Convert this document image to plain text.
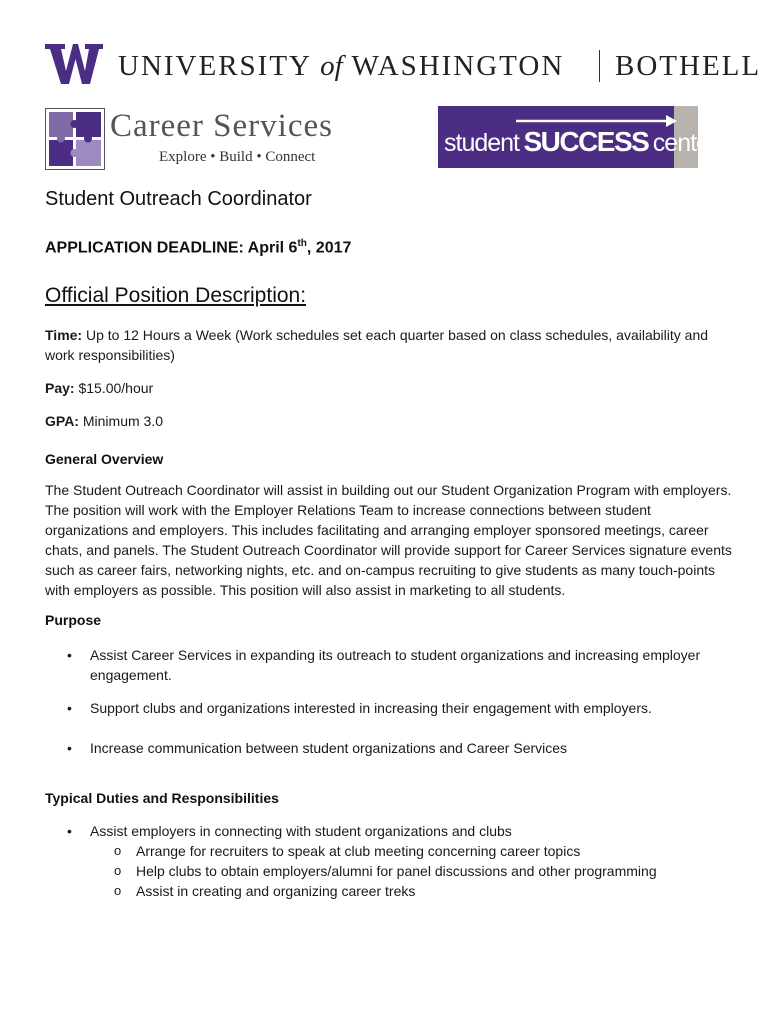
UNIVERSITY of WASHINGTON BOTHELL
Career Services
Explore • Build • Connect	student SUCCESS center
Student Outreach Coordinator
APPLICATION DEADLINE: April 6th, 2017
Official Position Description:
Time: Up to 12 Hours a Week (Work schedules set each quarter based on class schedules, availability and work responsibilities)
Pay: $15.00/hour
GPA: Minimum 3.0
General Overview
The Student Outreach Coordinator will assist in building out our Student Organization Program with employers. The position will work with the Employer Relations Team to increase connections between student organizations and employers. This includes facilitating and arranging employer sponsored meetings, career chats, and panels. The Student Outreach Coordinator will provide support for Career Services signature events such as career fairs, networking nights, etc. and on-campus recruiting to give students as many touch-points with employers as possible. This position will also assist in marketing to all students.
Purpose
• Assist Career Services in expanding its outreach to student organizations and increasing employer engagement.
• Support clubs and organizations interested in increasing their engagement with employers.
• Increase communication between student organizations and Career Services
Typical Duties and Responsibilities
• Assist employers in connecting with student organizations and clubs
o Arrange for recruiters to speak at club meeting concerning career topics
o Help clubs to obtain employers/alumni for panel discussions and other programming
o Assist in creating and organizing career treks
